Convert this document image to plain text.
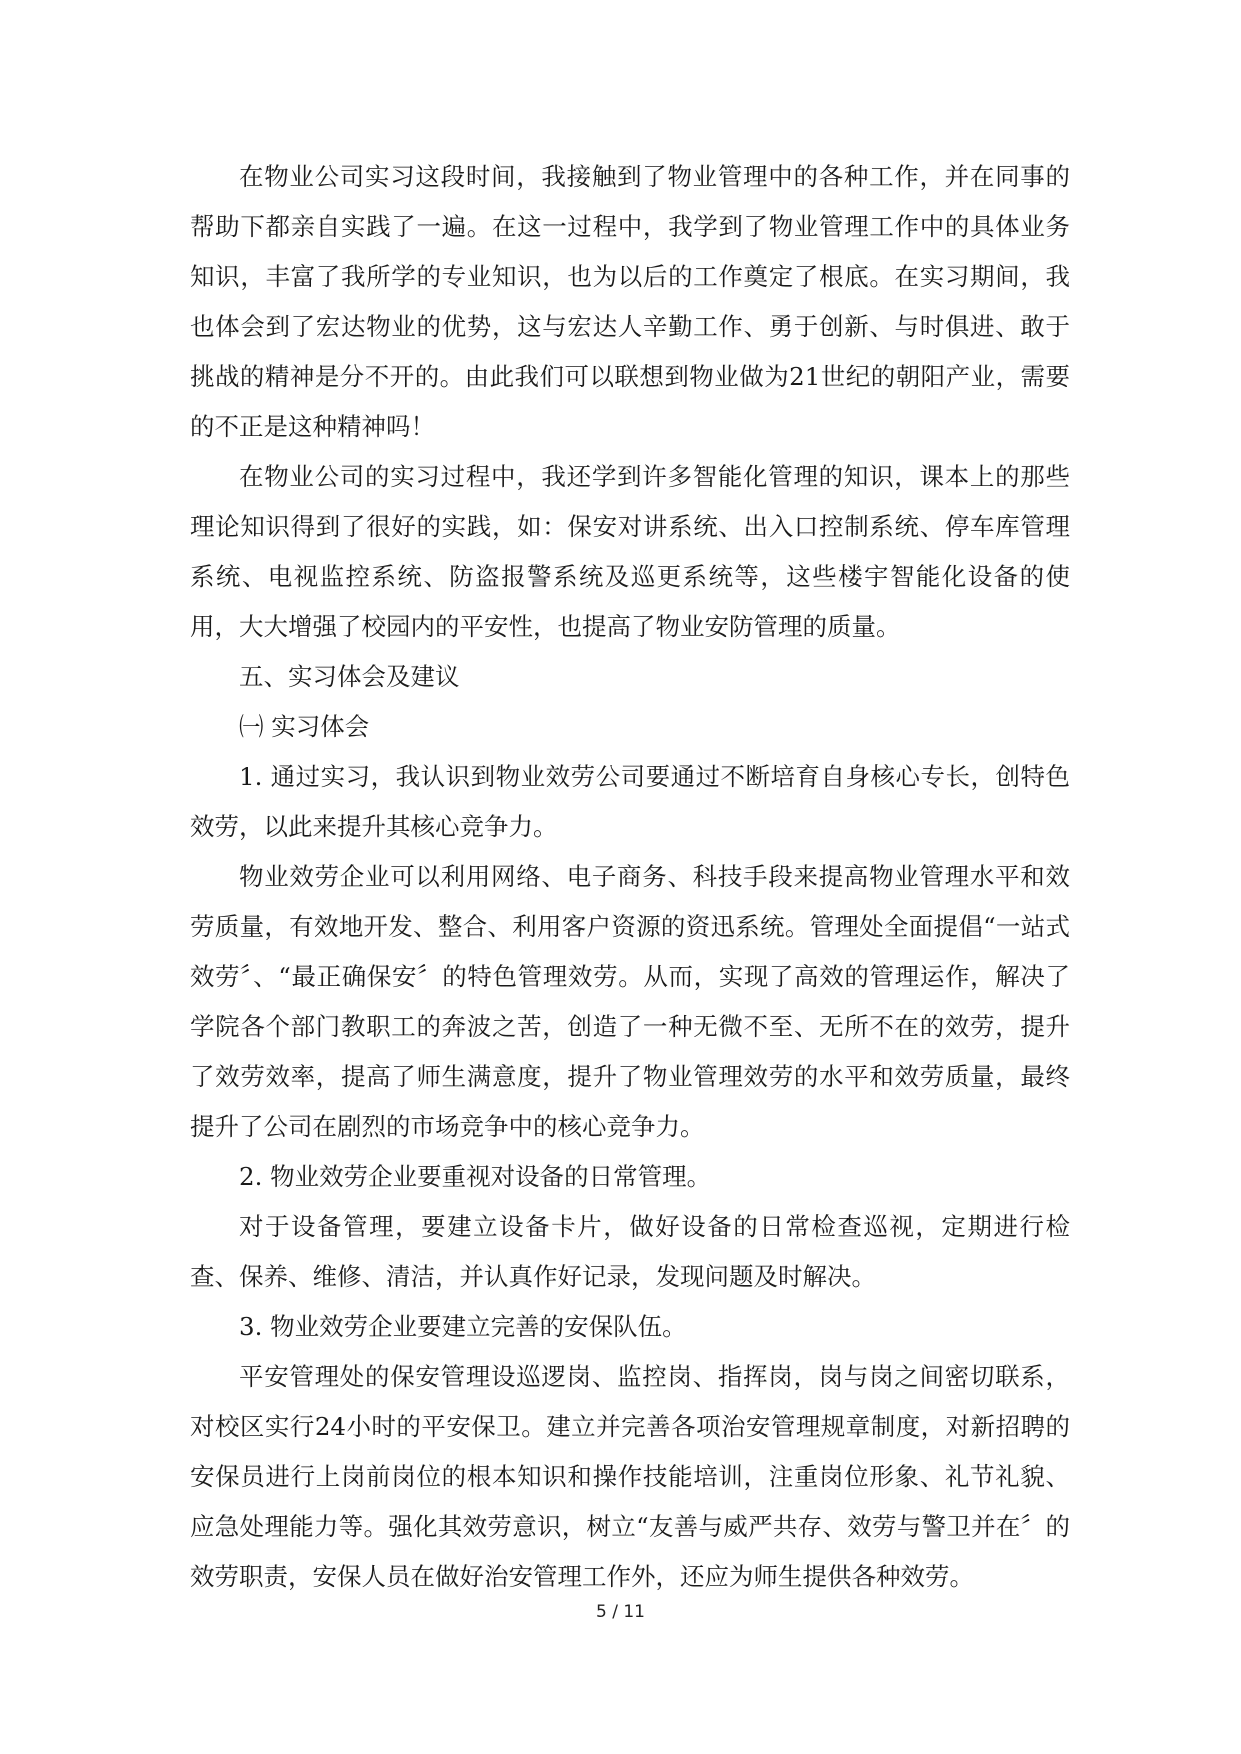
在物业公司实习这段时间，我接触到了物业管理中的各种工作，并在同事的帮助下都亲自实践了一遍。在这一过程中，我学到了物业管理工作中的具体业务知识，丰富了我所学的专业知识，也为以后的工作奠定了根底。在实习期间，我也体会到了宏达物业的优势，这与宏达人辛勤工作、勇于创新、与时俱进、敢于挑战的精神是分不开的。由此我们可以联想到物业做为21世纪的朝阳产业，需要的不正是这种精神吗！

在物业公司的实习过程中，我还学到许多智能化管理的知识，课本上的那些理论知识得到了很好的实践，如：保安对讲系统、出入口控制系统、停车库管理系统、电视监控系统、防盗报警系统及巡更系统等，这些楼宇智能化设备的使用，大大增强了校园内的平安性，也提高了物业安防管理的质量。

五、实习体会及建议

㈠ 实习体会

1. 通过实习，我认识到物业效劳公司要通过不断培育自身核心专长，创特色效劳，以此来提升其核心竞争力。

物业效劳企业可以利用网络、电子商务、科技手段来提高物业管理水平和效劳质量，有效地开发、整合、利用客户资源的资迅系统。管理处全面提倡“一站式效劳〞、“最正确保安〞的特色管理效劳。从而，实现了高效的管理运作，解决了学院各个部门教职工的奔波之苦，创造了一种无微不至、无所不在的效劳，提升了效劳效率，提高了师生满意度，提升了物业管理效劳的水平和效劳质量，最终提升了公司在剧烈的市场竞争中的核心竞争力。

2. 物业效劳企业要重视对设备的日常管理。

对于设备管理，要建立设备卡片，做好设备的日常检查巡视，定期进行检查、保养、维修、清洁，并认真作好记录，发现问题及时解决。

3. 物业效劳企业要建立完善的安保队伍。

平安管理处的保安管理设巡逻岗、监控岗、指挥岗，岗与岗之间密切联系，对校区实行24小时的平安保卫。建立并完善各项治安管理规章制度，对新招聘的安保员进行上岗前岗位的根本知识和操作技能培训，注重岗位形象、礼节礼貌、应急处理能力等。强化其效劳意识，树立“友善与威严共存、效劳与警卫并在〞的效劳职责，安保人员在做好治安管理工作外，还应为师生提供各种效劳。

5 / 11
